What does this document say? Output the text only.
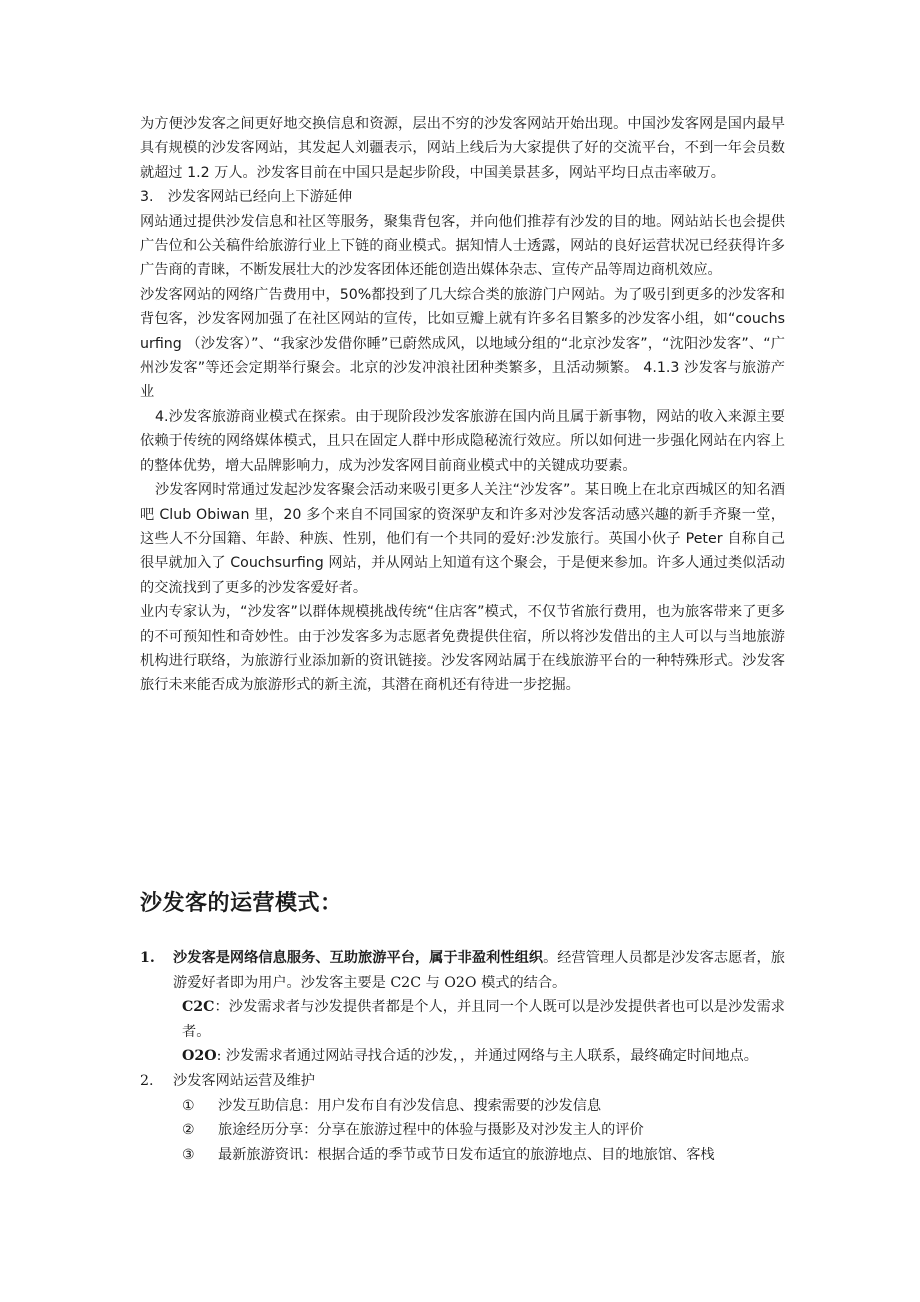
为方便沙发客之间更好地交换信息和资源，层出不穷的沙发客网站开始出现。中国沙发客网是国内最早具有规模的沙发客网站，其发起人刘疆表示，网站上线后为大家提供了好的交流平台，不到一年会员数就超过 1.2 万人。沙发客目前在中国只是起步阶段，中国美景甚多，网站平均日点击率破万。

3.　沙发客网站已经向上下游延伸

网站通过提供沙发信息和社区等服务，聚集背包客，并向他们推荐有沙发的目的地。网站站长也会提供广告位和公关稿件给旅游行业上下链的商业模式。据知情人士透露，网站的良好运营状况已经获得许多广告商的青睐，不断发展壮大的沙发客团体还能创造出媒体杂志、宣传产品等周边商机效应。

沙发客网站的网络广告费用中，50%都投到了几大综合类的旅游门户网站。为了吸引到更多的沙发客和背包客，沙发客网加强了在社区网站的宣传，比如豆瓣上就有许多名目繁多的沙发客小组，如“couchsurfing （沙发客）”、“我家沙发借你睡”已蔚然成风，以地域分组的“北京沙发客”，“沈阳沙发客”、“广州沙发客”等还会定期举行聚会。北京的沙发冲浪社团种类繁多，且活动频繁。 4.1.3 沙发客与旅游产业

4.沙发客旅游商业模式在探索。由于现阶段沙发客旅游在国内尚且属于新事物，网站的收入来源主要依赖于传统的网络媒体模式，且只在固定人群中形成隐秘流行效应。所以如何进一步强化网站在内容上的整体优势，增大品牌影响力，成为沙发客网目前商业模式中的关键成功要素。

沙发客网时常通过发起沙发客聚会活动来吸引更多人关注“沙发客”。某日晚上在北京西城区的知名酒吧 Club Obiwan 里，20 多个来自不同国家的资深驴友和许多对沙发客活动感兴趣的新手齐聚一堂，这些人不分国籍、年龄、种族、性别，他们有一个共同的爱好:沙发旅行。英国小伙子 Peter 自称自己很早就加入了 Couchsurfing 网站，并从网站上知道有这个聚会，于是便来参加。许多人通过类似活动的交流找到了更多的沙发客爱好者。

业内专家认为，“沙发客”以群体规模挑战传统“住店客”模式，不仅节省旅行费用，也为旅客带来了更多的不可预知性和奇妙性。由于沙发客多为志愿者免费提供住宿，所以将沙发借出的主人可以与当地旅游机构进行联络，为旅游行业添加新的资讯链接。沙发客网站属于在线旅游平台的一种特殊形式。沙发客旅行未来能否成为旅游形式的新主流，其潜在商机还有待进一步挖掘。

沙发客的运营模式：
1.	沙发客是网络信息服务、互助旅游平台，属于非盈利性组织。经营管理人员都是沙发客志愿者，旅游爱好者即为用户。沙发客主要是 C2C 与 O2O 模式的结合。

C2C：沙发需求者与沙发提供者都是个人，并且同一个人既可以是沙发提供者也可以是沙发需求者。

O2O: 沙发需求者通过网站寻找合适的沙发，，并通过网络与主人联系，最终确定时间地点。

2.	沙发客网站运营及维护
①	沙发互助信息：用户发布自有沙发信息、搜索需要的沙发信息
②	旅途经历分享：分享在旅游过程中的体验与摄影及对沙发主人的评价
③	最新旅游资讯：根据合适的季节或节日发布适宜的旅游地点、目的地旅馆、客栈
